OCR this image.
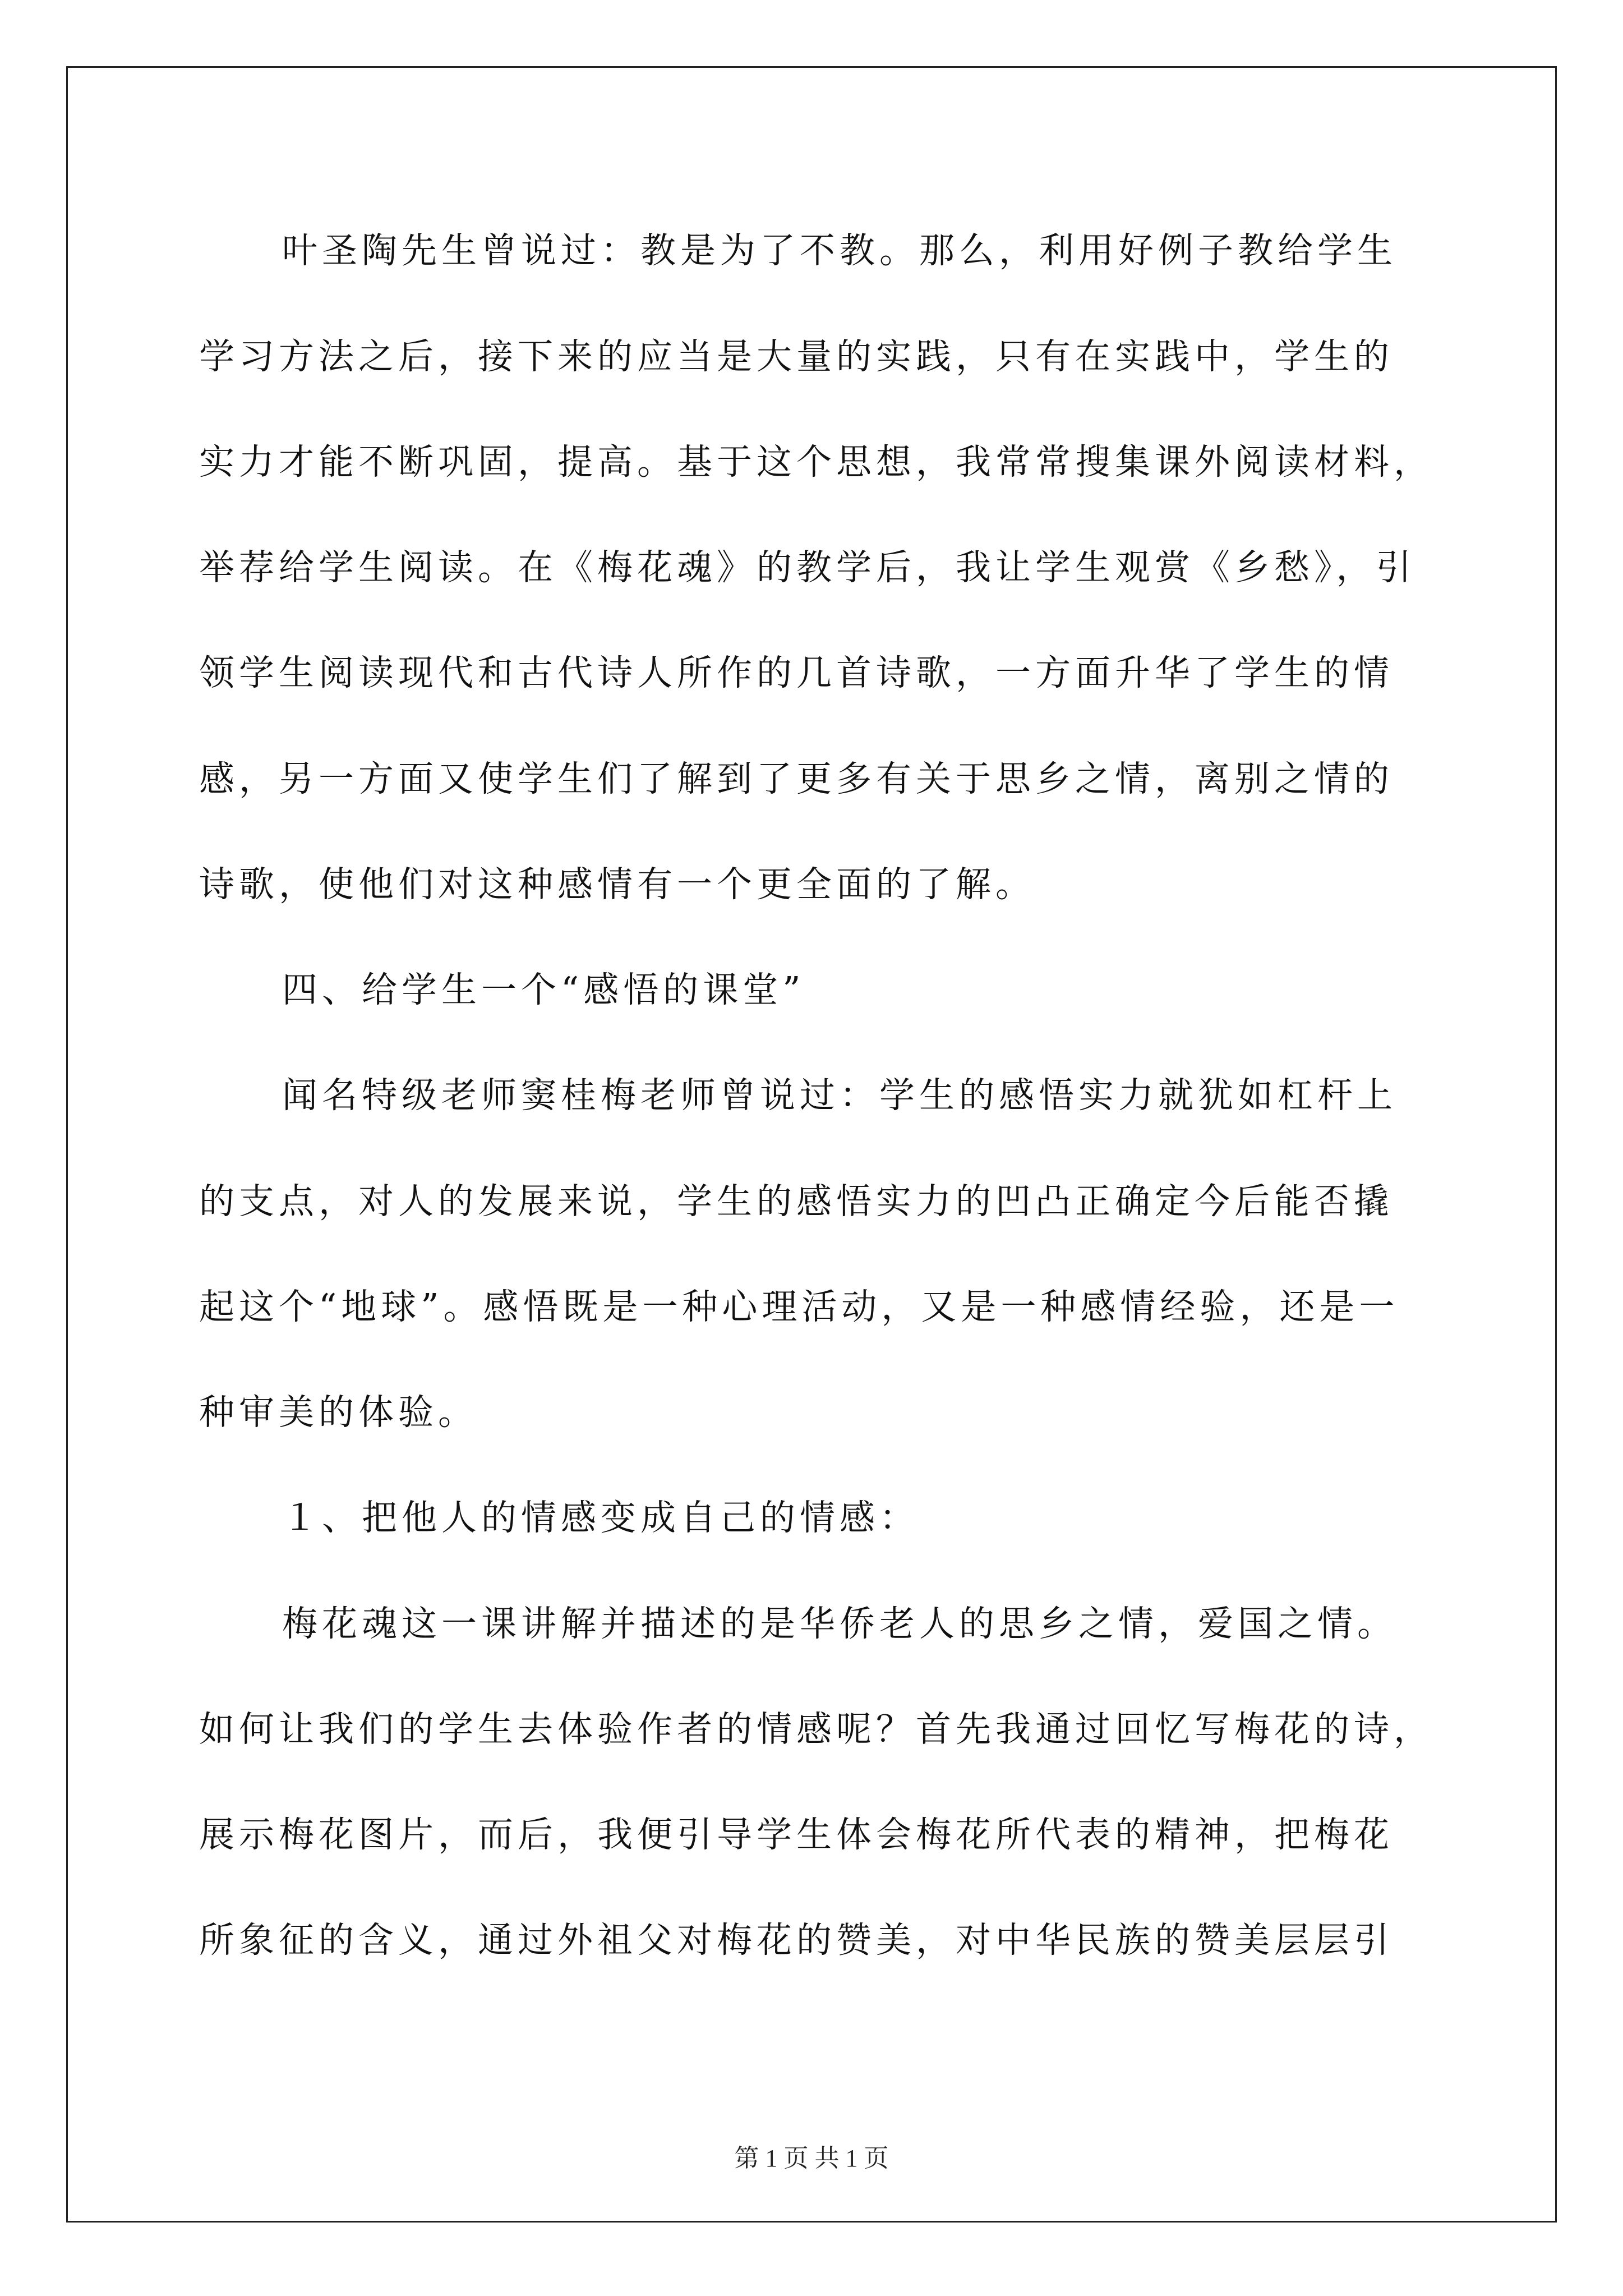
叶圣陶先生曾说过：教是为了不教。那么，利用好例子教给学生
学习方法之后，接下来的应当是大量的实践，只有在实践中，学生的
实力才能不断巩固，提高。基于这个思想，我常常搜集课外阅读材料，
举荐给学生阅读。在《梅花魂》的教学后，我让学生观赏《乡愁》，引
领学生阅读现代和古代诗人所作的几首诗歌，一方面升华了学生的情
感，另一方面又使学生们了解到了更多有关于思乡之情，离别之情的
诗歌，使他们对这种感情有一个更全面的了解。
四、给学生一个“感悟的课堂”
闻名特级老师窦桂梅老师曾说过：学生的感悟实力就犹如杠杆上
的支点，对人的发展来说，学生的感悟实力的凹凸正确定今后能否撬
起这个“地球”。感悟既是一种心理活动，又是一种感情经验，还是一
种审美的体验。
１、把他人的情感变成自己的情感：
梅花魂这一课讲解并描述的是华侨老人的思乡之情，爱国之情。
如何让我们的学生去体验作者的情感呢？首先我通过回忆写梅花的诗，
展示梅花图片，而后，我便引导学生体会梅花所代表的精神，把梅花
所象征的含义，通过外祖父对梅花的赞美，对中华民族的赞美层层引
第 1 页 共 1 页
